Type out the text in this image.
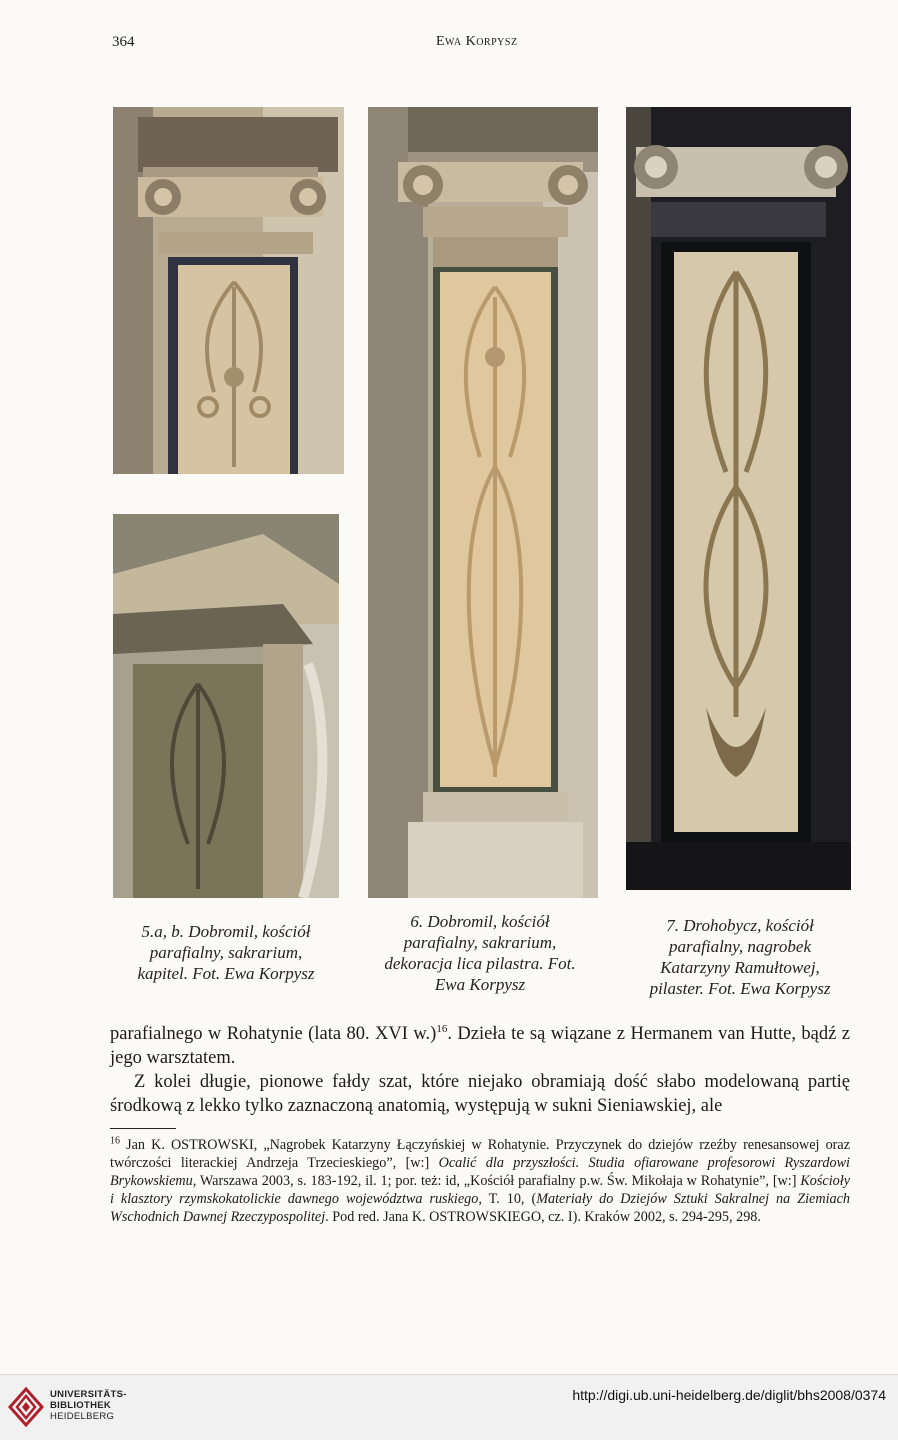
364	Ewa Korpysz
5.a, b. Dobromil, kościół
parafialny, sakrarium,
kapitel. Fot. Ewa Korpysz
6. Dobromil, kościół
parafialny, sakrarium,
dekoracja lica pilastra. Fot.
Ewa Korpysz
7. Drohobycz, kościół
parafialny, nagrobek
Katarzyny Ramułtowej,
pilaster. Fot. Ewa Korpysz

parafialnego w Rohatynie (lata 80. XVI w.)$^{16}$. Dzieła te są wiązane z Hermanem van Hutte, bądź z jego warsztatem.

Z kolei długie, pionowe fałdy szat, które niejako obramiają dość słabo modelowaną partię środkową z lekko tylko zaznaczoną anatomią, występują w sukni Sieniawskiej, ale

$^{16}$ Jan K. OSTROWSKI, „Nagrobek Katarzyny Łączyńskiej w Rohatynie. Przyczynek do dziejów rzeźby renesansowej oraz twórczości literackiej Andrzeja Trzecieskiego”, [w:] Ocalić dla przyszłości. Studia ofiarowane profesorowi Ryszardowi Brykowskiemu, Warszawa 2003, s. 183-192, il. 1; por. też: id, „Kościół parafialny p.w. Św. Mikołaja w Rohatynie”, [w:] Kościoły i klasztory rzymskokatolickie dawnego województwa ruskiego, T. 10, (Materiały do Dziejów Sztuki Sakralnej na Ziemiach Wschodnich Dawnej Rzeczypospolitej. Pod red. Jana K. OSTROWSKIEGO, cz. I). Kraków 2002, s. 294-295, 298.

UNIVERSITÄTS-
BIBLIOTHEK
HEIDELBERG
http://digi.ub.uni-heidelberg.de/diglit/bhs2008/0374
